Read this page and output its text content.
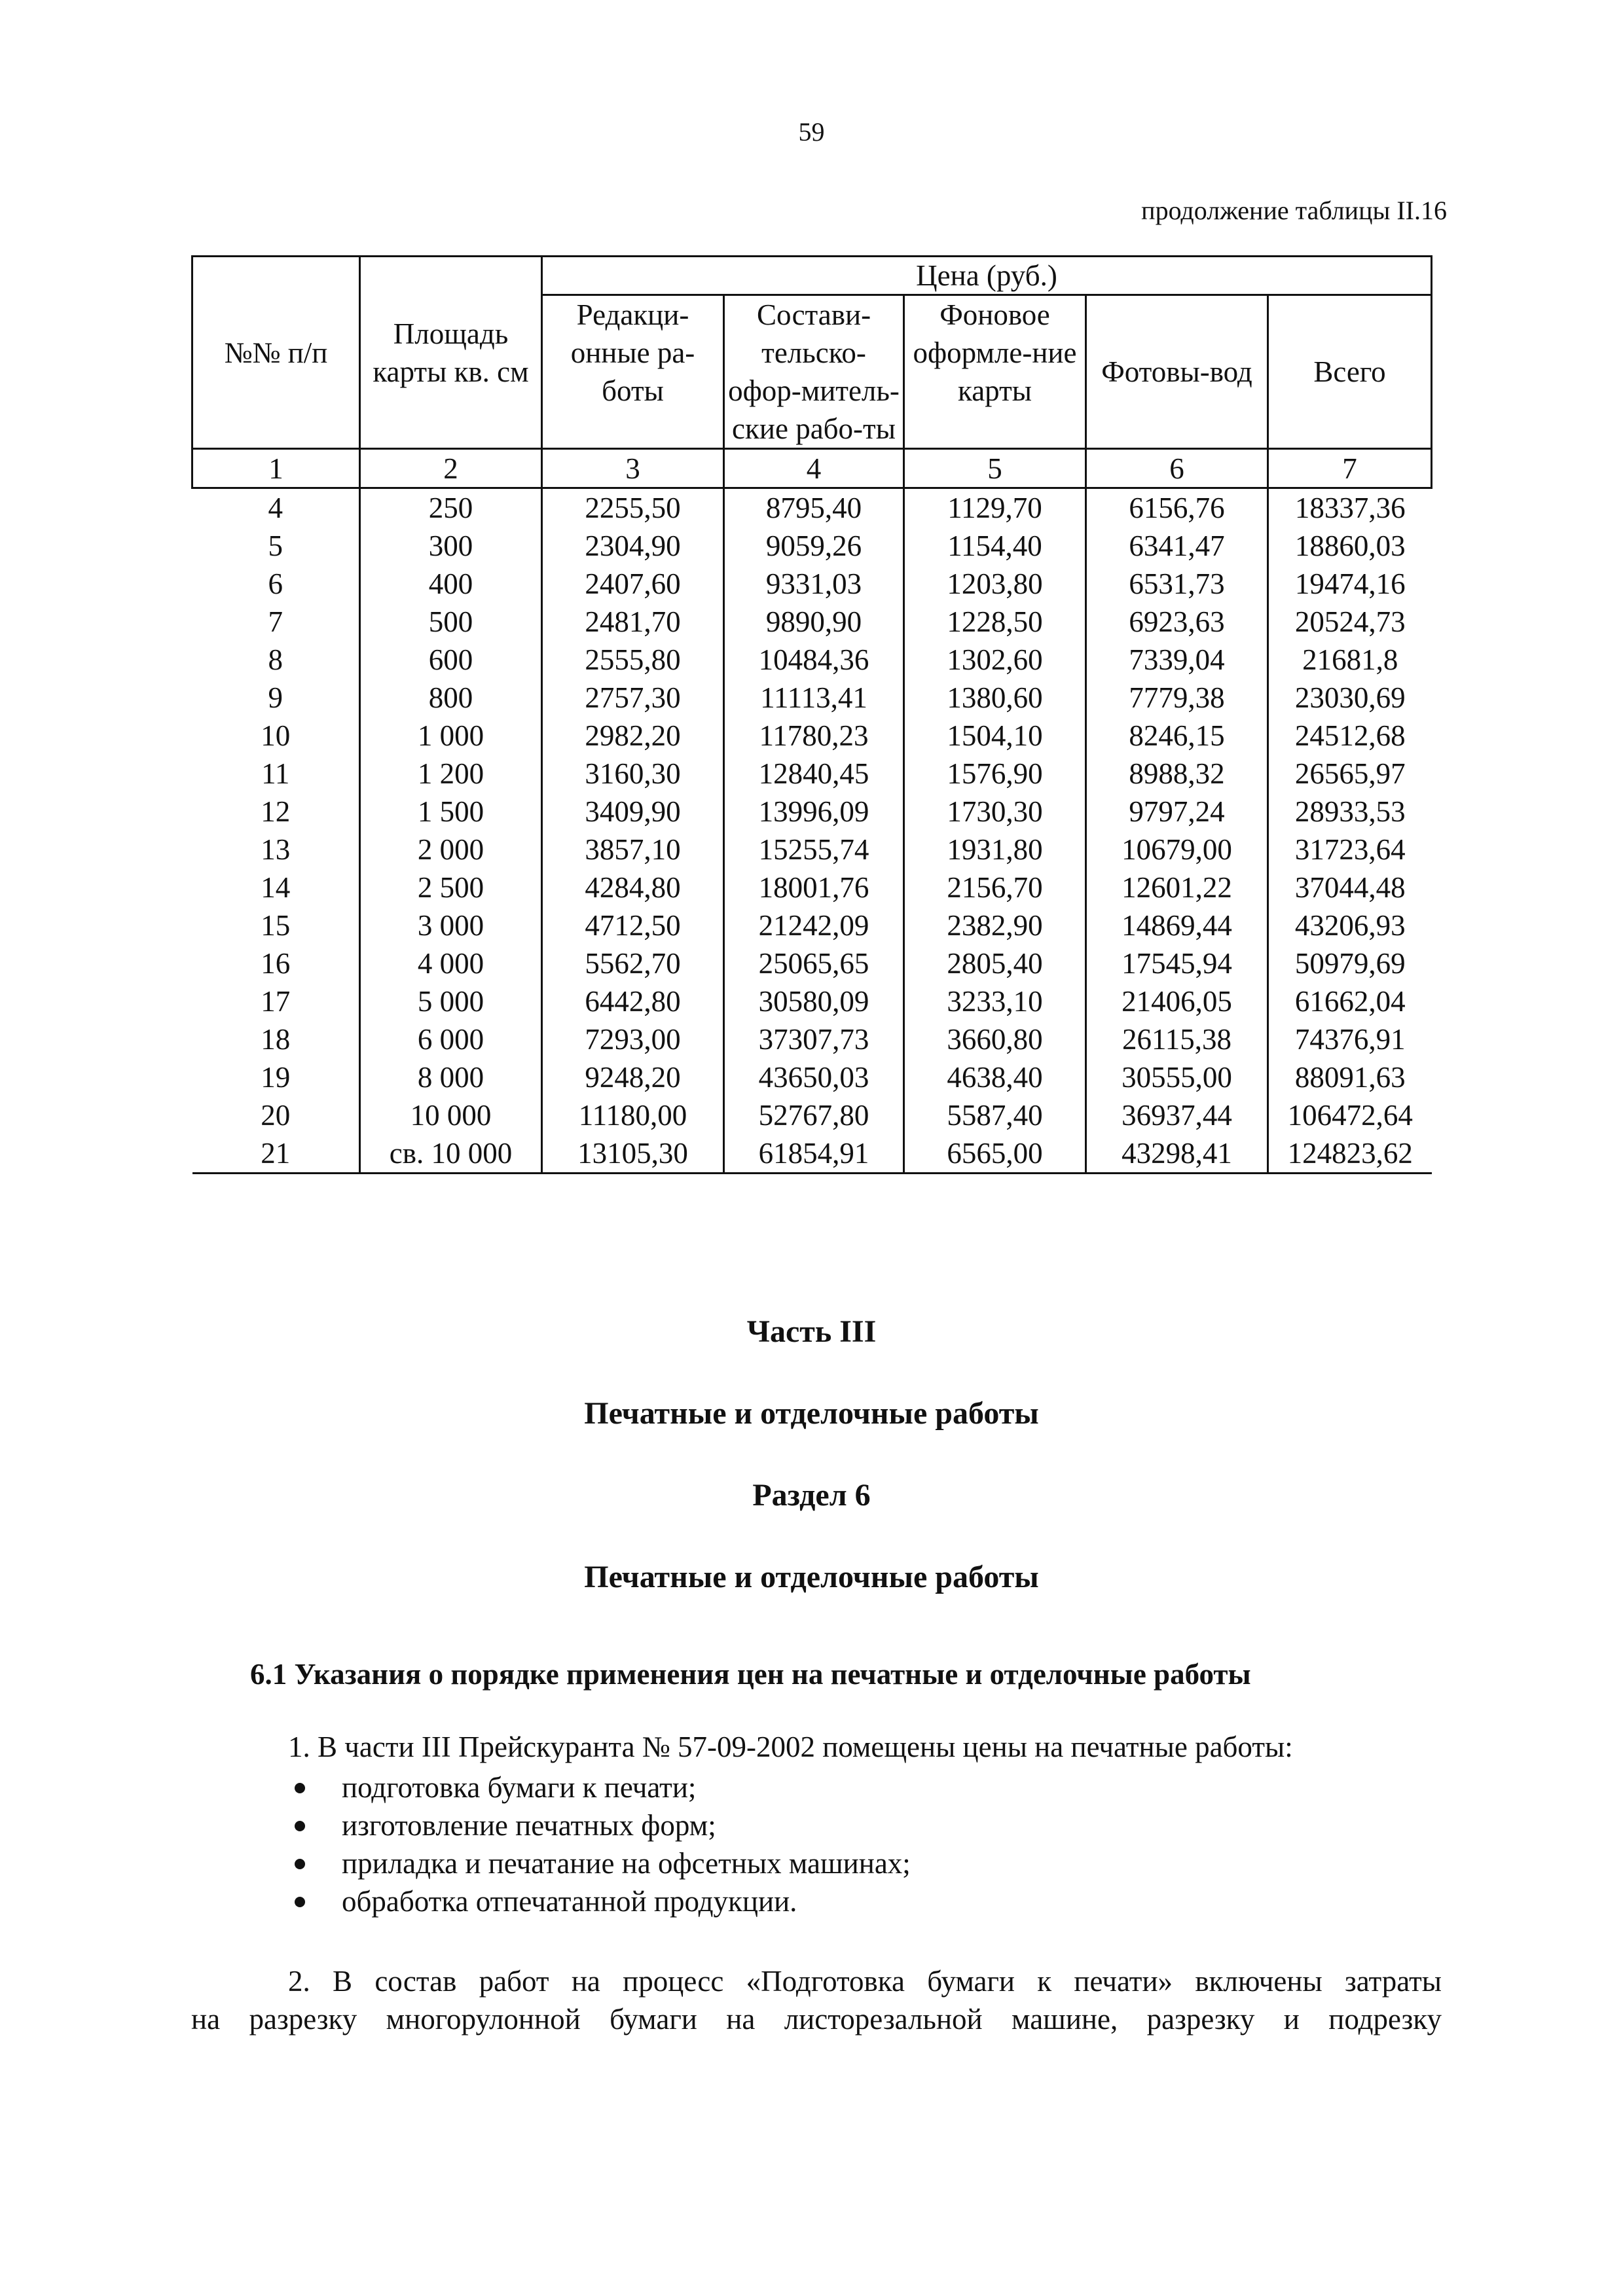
59
продолжение таблицы II.16
№№ п/п	Площадь карты кв. см	Цена (руб.)				
		Редакци-онные ра-боты	Состави-тельско-офор-митель-ские рабо-ты	Фоновое оформле-ние карты	Фотовы-вод	Всего
1	2	3	4	5	6	7
4	250	2255,50	8795,40	1129,70	6156,76	18337,36
5	300	2304,90	9059,26	1154,40	6341,47	18860,03
6	400	2407,60	9331,03	1203,80	6531,73	19474,16
7	500	2481,70	9890,90	1228,50	6923,63	20524,73
8	600	2555,80	10484,36	1302,60	7339,04	21681,8
9	800	2757,30	11113,41	1380,60	7779,38	23030,69
10	1 000	2982,20	11780,23	1504,10	8246,15	24512,68
11	1 200	3160,30	12840,45	1576,90	8988,32	26565,97
12	1 500	3409,90	13996,09	1730,30	9797,24	28933,53
13	2 000	3857,10	15255,74	1931,80	10679,00	31723,64
14	2 500	4284,80	18001,76	2156,70	12601,22	37044,48
15	3 000	4712,50	21242,09	2382,90	14869,44	43206,93
16	4 000	5562,70	25065,65	2805,40	17545,94	50979,69
17	5 000	6442,80	30580,09	3233,10	21406,05	61662,04
18	6 000	7293,00	37307,73	3660,80	26115,38	74376,91
19	8 000	9248,20	43650,03	4638,40	30555,00	88091,63
20	10 000	11180,00	52767,80	5587,40	36937,44	106472,64
21	св. 10 000	13105,30	61854,91	6565,00	43298,41	124823,62
Часть III
Печатные и отделочные работы
Раздел 6
Печатные и отделочные работы
6.1 Указания о порядке применения цен на печатные и отделочные работы
1. В части III Прейскуранта № 57-09-2002 помещены цены на печатные работы:
подготовка бумаги к печати;
изготовление печатных форм;
приладка и печатание на офсетных машинах;
обработка отпечатанной продукции.
2. В состав работ на процесс «Подготовка бумаги к печати» включены затраты
на разрезку многорулонной бумаги на листорезальной машине, разрезку и подрезку
